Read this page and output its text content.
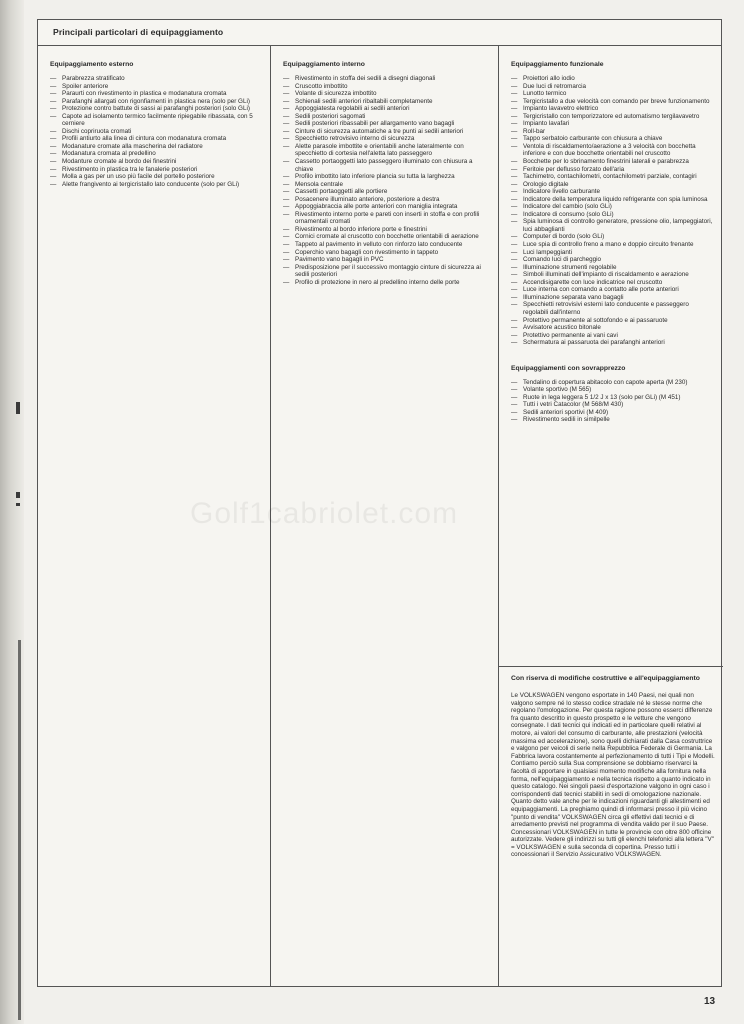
Principali particolari di equipaggiamento
Equipaggiamento esterno
— Parabrezza stratificato
— Spoiler anteriore
— Paraurti con rivestimento in plastica e modanatura cromata
— Parafanghi allargati con rigonfiamenti in plastica nera (solo per GLi)
— Protezione contro battute di sassi ai parafanghi posteriori (solo GLi)
— Capote ad isolamento termico facilmente ripiegabile ribassata, con 5 cerniere
— Dischi copriruota cromati
— Profili antiurto alla linea di cintura con modanatura cromata
— Modanature cromate alla mascherina del radiatore
— Modanatura cromata al predellino
— Modanture cromate al bordo dei finestrini
— Rivestimento in plastica tra le fanalerie posteriori
— Molla a gas per un uso più facile del portello posteriore
— Alette frangivento ai tergicristallo lato conducente (solo per GLi)
Equipaggiamento interno
— Rivestimento in stoffa dei sedili a disegni diagonali
— Cruscotto imbottito
— Volante di sicurezza imbottito
— Schienali sedili anteriori ribaltabili completamente
— Appoggiatesta regolabili ai sedili anteriori
— Sedili posteriori sagomati
— Sedili posteriori ribassabili per allargamento vano bagagli
— Cinture di sicurezza automatiche a tre punti ai sedili anteriori
— Specchietto retrovisivo interno di sicurezza
— Alette parasole imbottite e orientabili anche lateralmente con specchietto di cortesia nell'aletta lato passeggero
— Cassetto portaoggetti lato passeggero illuminato con chiusura a chiave
— Profilo imbottito lato inferiore plancia su tutta la larghezza
— Mensola centrale
— Cassetti portaoggetti alle portiere
— Posacenere illuminato anteriore, posteriore a destra
— Appoggiabraccia alle porte anteriori con maniglia integrata
— Rivestimento interno porte e pareti con inserti in stoffa e con profili ornamentali cromati
— Rivestimento al bordo inferiore porte e finestrini
— Cornici cromate al cruscotto con bocchette orientabili di aerazione
— Tappeto al pavimento in velluto con rinforzo lato conducente
— Coperchio vano bagagli con rivestimento in tappeto
— Pavimento vano bagagli in PVC
— Predisposizione per il successivo montaggio cinture di sicurezza ai sedili posteriori
— Profilo di protezione in nero al predellino interno delle porte
Equipaggiamento funzionale
— Proiettori allo iodio
— Due luci di retromarcia
— Lunotto termico
— Tergicristallo a due velocità con comando per breve funzionamento
— Impianto lavavetro elettrico
— Tergicristallo con temporizzatore ed automatismo tergilavavetro
— Impianto lavafari
— Roll-bar
— Tappo serbatoio carburante con chiusura a chiave
— Ventola di riscaldamento/aerazione a 3 velocità con bocchetta inferiore e con due bocchette orientabili nel cruscotto
— Bocchette per lo sbrinamento finestrini laterali e parabrezza
— Feritoie per deflusso forzato dell'aria
— Tachimetro, contachilometri, contachilometri parziale, contagiri
— Orologio digitale
— Indicatore livello carburante
— Indicatore della temperatura liquido refrigerante con spia luminosa
— Indicatore del cambio (solo GLi)
— Indicatore di consumo (solo GLi)
— Spia luminosa di controllo generatore, pressione olio, lampeggiatori, luci abbaglianti
— Computer di bordo (solo GLi)
— Luce spia di controllo freno a mano e doppio circuito frenante
— Luci lampeggianti
— Comando luci di parcheggio
— Illuminazione strumenti regolabile
— Simboli illuminati dell'impianto di riscaldamento e aerazione
— Accendisigarette con luce indicatrice nel cruscotto
— Luce interna con comando a contatto alle porte anteriori
— Illuminazione separata vano bagagli
— Specchietti retrovisivi esterni lato conducente e passeggero regolabili dall'interno
— Protettivo permanente al sottofondo e ai passaruote
— Avvisatore acustico bitonale
— Protettivo permanente ai vani cavi
— Schermatura ai passaruota dei parafanghi anteriori
Equipaggiamenti con sovrapprezzo
— Tendalino di copertura abitacolo con capote aperta (M 230)
— Volante sportivo (M 565)
— Ruote in lega leggera 5 1/2 J x 13 (solo per GLi) (M 451)
— Tutti i vetri Catacolor (M 568/M 430)
— Sedili anteriori sportivi (M 409)
— Rivestimento sedili in similpelle
Con riserva di modifiche costruttive e all'equipaggiamento

Le VOLKSWAGEN vengono esportate in 140 Paesi, nei quali non valgono sempre né lo stesso codice stradale né le stesse norme che regolano l'omologazione. Per questa ragione possono esserci differenze fra quanto descritto in questo prospetto e le vetture che vengono consegnate. I dati tecnici qui indicati ed in particolare quelli relativi al motore, ai valori del consumo di carburante, alle prestazioni (velocità massima ed accelerazione), sono quelli dichiarati dalla Casa costruttrice e valgono per veicoli di serie nella Repubblica Federale di Germania. La Fabbrica lavora costantemente al perfezionamento di tutti i Tipi e Modelli. Contiamo perciò sulla Sua comprensione se dobbiamo riservarci la facoltà di apportare in qualsiasi momento modifiche alla fornitura nella forma, nell'equipaggiamento e nella tecnica rispetto a quanto indicato in questo catalogo. Nei singoli paesi d'esportazione valgono in ogni caso i corrispondenti dati tecnici stabiliti in sedi di omologazione nazionale. Quanto detto vale anche per le indicazioni riguardanti gli allestimenti ed equipaggiamenti. La preghiamo quindi di informarsi presso il più vicino "punto di vendita" VOLKSWAGEN circa gli effettivi dati tecnici e di arredamento previsti nel programma di vendita valido per il suo Paese. Concessionari VOLKSWAGEN in tutte le provincie con oltre 800 officine autorizzate. Vedere gli indirizzi su tutti gli elenchi telefonici alla lettera "V" = VOLKSWAGEN e sulla seconda di copertina. Presso tutti i concessionari il Servizio Assicurativo VOLKSWAGEN.

Golf1cabriolet.com
13
